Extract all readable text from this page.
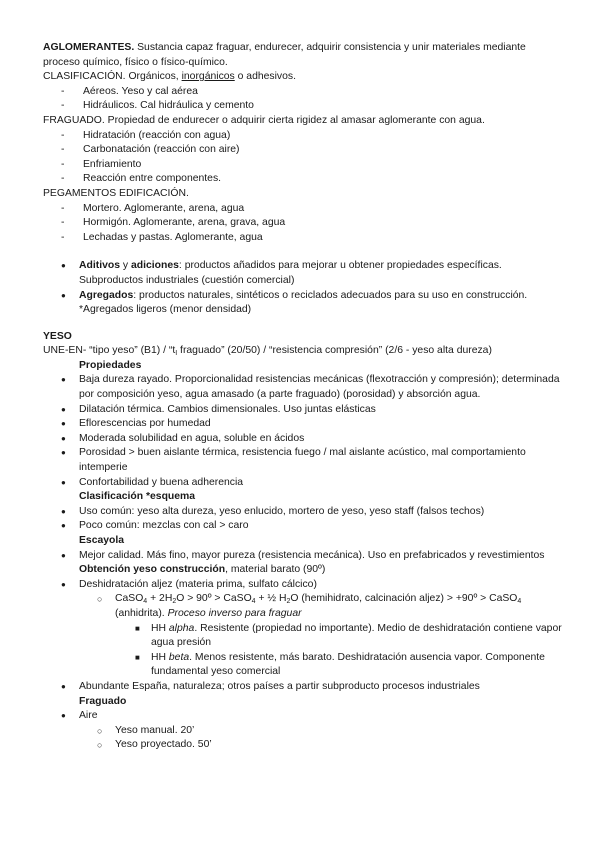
AGLOMERANTES. Sustancia capaz fraguar, endurecer, adquirir consistencia y unir materiales mediante proceso químico, físico o físico-químico.

CLASIFICACIÓN. Orgánicos, inorgánicos o adhesivos.

- Aéreos. Yeso y cal aérea
- Hidráulicos. Cal hidráulica y cemento

FRAGUADO. Propiedad de endurecer o adquirir cierta rigidez al amasar aglomerante con agua.

- Hidratación (reacción con agua)
- Carbonatación (reacción con aire)
- Enfriamiento
- Reacción entre componentes.

PEGAMENTOS EDIFICACIÓN.

- Mortero. Aglomerante, arena, agua
- Hormigón. Aglomerante, arena, grava, agua
- Lechadas y pastas. Aglomerante, agua
● Aditivos y adiciones: productos añadidos para mejorar u obtener propiedades específicas. Subproductos industriales (cuestión comercial)
● Agregados: productos naturales, sintéticos o reciclados adecuados para su uso en construcción. *Agregados ligeros (menor densidad)

YESO

UNE-EN- “tipo yeso” $(B1) / “t_I$ fraguado” (20/50) / “resistencia compresión” (2/6 - yeso alta dureza)

Propiedades
● Baja dureza rayado. Proporcionalidad resistencias mecánicas (flexotracción y compresión); determinada por composición yeso, agua amasado (a parte fraguado) (porosidad) y absorción agua.
● Dilatación térmica. Cambios dimensionales. Uso juntas elásticas
● Eflorescencias por humedad
● Moderada solubilidad en agua, soluble en ácidos
● Porosidad > buen aislante térmica, resistencia fuego / mal aislante acústico, mal comportamiento intemperie
● Confortabilidad y buena adherencia
Clasificación *esquema
● Uso común: yeso alta dureza, yeso enlucido, mortero de yeso, yeso staff (falsos techos)
● Poco común: mezclas con cal > caro
Escayola
● Mejor calidad. Más fino, mayor pureza (resistencia mecánica). Uso en prefabricados y revestimientos
Obtención yeso construcción, material barato (90º)
● Deshidratación aljez (materia prima, sulfato cálcico)
○ CaSO$_4$ + $2H_2O$ > 90º > CaSO$_4$ + ½ $H_2O$ (hemihidrato, calcinación aljez) > +90º > CaSO$_4$ (anhidrita). Proceso inverso para fraguar
■ HH alpha. Resistente (propiedad no importante). Medio de deshidratación contiene vapor agua presión
■ HH beta. Menos resistente, más barato. Deshidratación ausencia vapor. Componente fundamental yeso comercial
● Abundante España, naturaleza; otros países a partir subproducto procesos industriales
Fraguado
● Aire
○ Yeso manual. 20’
○ Yeso proyectado. 50’
